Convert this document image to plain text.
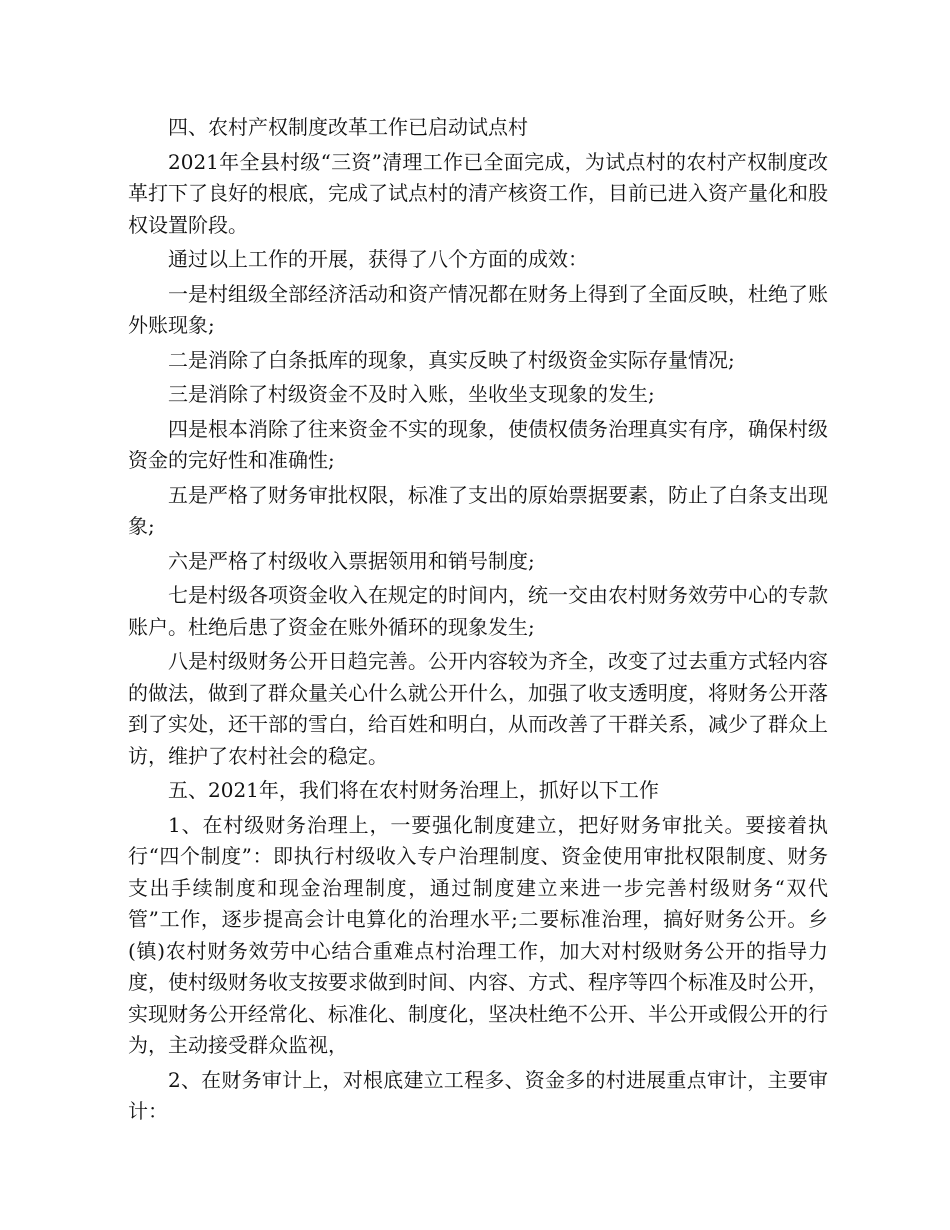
四、农村产权制度改革工作已启动试点村

2021年全县村级“三资”清理工作已全面完成，为试点村的农村产权制度改革打下了良好的根底，完成了试点村的清产核资工作，目前已进入资产量化和股权设置阶段。

通过以上工作的开展，获得了八个方面的成效：

一是村组级全部经济活动和资产情况都在财务上得到了全面反映，杜绝了账外账现象;

二是消除了白条抵库的现象，真实反映了村级资金实际存量情况;

三是消除了村级资金不及时入账，坐收坐支现象的发生;

四是根本消除了往来资金不实的现象，使债权债务治理真实有序，确保村级资金的完好性和准确性;

五是严格了财务审批权限，标准了支出的原始票据要素，防止了白条支出现象;

六是严格了村级收入票据领用和销号制度;

七是村级各项资金收入在规定的时间内，统一交由农村财务效劳中心的专款账户。杜绝后患了资金在账外循环的现象发生;

八是村级财务公开日趋完善。公开内容较为齐全，改变了过去重方式轻内容的做法，做到了群众量关心什么就公开什么，加强了收支透明度，将财务公开落到了实处，还干部的雪白，给百姓和明白，从而改善了干群关系，减少了群众上访，维护了农村社会的稳定。

五、2021年，我们将在农村财务治理上，抓好以下工作

1、在村级财务治理上，一要强化制度建立，把好财务审批关。要接着执行“四个制度”：即执行村级收入专户治理制度、资金使用审批权限制度、财务支出手续制度和现金治理制度，通过制度建立来进一步完善村级财务“双代管”工作，逐步提高会计电算化的治理水平;二要标准治理，搞好财务公开。乡(镇)农村财务效劳中心结合重难点村治理工作，加大对村级财务公开的指导力度，使村级财务收支按要求做到时间、内容、方式、程序等四个标准及时公开，实现财务公开经常化、标准化、制度化，坚决杜绝不公开、半公开或假公开的行为，主动接受群众监视，

2、在财务审计上，对根底建立工程多、资金多的村进展重点审计，主要审计：
